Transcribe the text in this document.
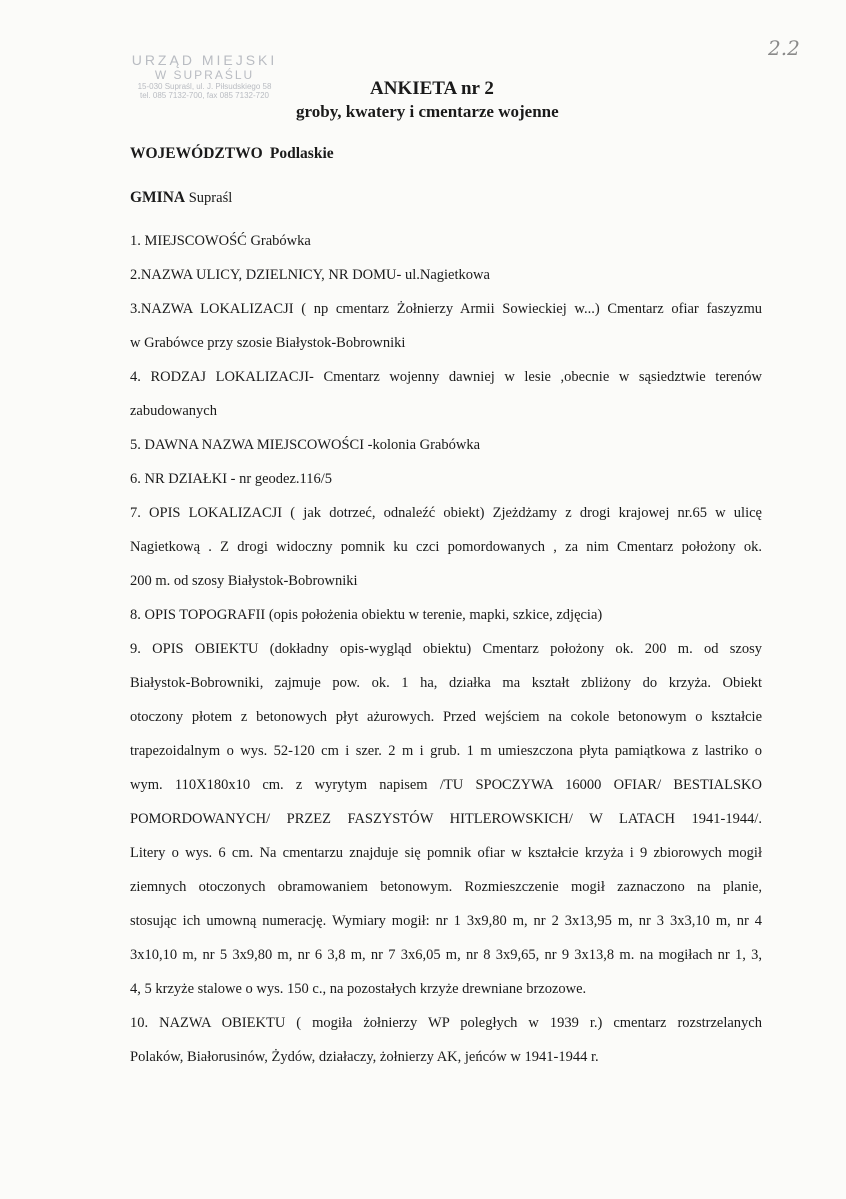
URZĄD MIEJSKI
W SUPRAŚLU
15-030 Supraśl, ul. J. Piłsudskiego 58
tel. 085 7132-700, fax 085 7132-720
2.2
ANKIETA nr 2
groby, kwatery i cmentarze wojenne
WOJEWÓDZTWO Podlaskie
GMINA Supraśl
1. MIEJSCOWOŚĆ Grabówka
2.NAZWA ULICY, DZIELNICY, NR DOMU- ul.Nagietkowa
3.NAZWA LOKALIZACJI ( np cmentarz Żołnierzy Armii Sowieckiej w...) Cmentarz ofiar faszyzmu
w Grabówce przy szosie Białystok-Bobrowniki
4. RODZAJ LOKALIZACJI- Cmentarz wojenny dawniej w lesie ,obecnie w sąsiedztwie terenów
zabudowanych
5. DAWNA NAZWA MIEJSCOWOŚCI -kolonia Grabówka
6. NR DZIAŁKI - nr geodez.116/5
7. OPIS LOKALIZACJI ( jak dotrzeć, odnaleźć obiekt) Zjeżdżamy z drogi krajowej nr.65 w ulicę
Nagietkową . Z drogi widoczny pomnik ku czci pomordowanych , za nim Cmentarz położony ok.
200 m. od szosy Białystok-Bobrowniki
8. OPIS TOPOGRAFII (opis położenia obiektu w terenie, mapki, szkice, zdjęcia)
9. OPIS OBIEKTU (dokładny opis-wygląd obiektu) Cmentarz położony ok. 200 m. od szosy
Białystok-Bobrowniki, zajmuje pow. ok. 1 ha, działka ma kształt zbliżony do krzyża. Obiekt
otoczony płotem z betonowych płyt ażurowych. Przed wejściem na cokole betonowym o kształcie
trapezoidalnym o wys. 52-120 cm i szer. 2 m i grub. 1 m umieszczona płyta pamiątkowa z lastriko o
wym. 110X180x10 cm. z wyrytym napisem /TU SPOCZYWA 16000 OFIAR/ BESTIALSKO
POMORDOWANYCH/ PRZEZ FASZYSTÓW HITLEROWSKICH/ W LATACH 1941-1944/.
Litery o wys. 6 cm. Na cmentarzu znajduje się pomnik ofiar w kształcie krzyża i 9 zbiorowych mogił
ziemnych otoczonych obramowaniem betonowym. Rozmieszczenie mogił zaznaczono na planie,
stosując ich umowną numerację. Wymiary mogił: nr 1 3x9,80 m, nr 2 3x13,95 m, nr 3 3x3,10 m, nr 4
3x10,10 m, nr 5 3x9,80 m, nr 6 3,8 m, nr 7 3x6,05 m, nr 8 3x9,65, nr 9 3x13,8 m. na mogiłach nr 1, 3,
4, 5 krzyże stalowe o wys. 150 c., na pozostałych krzyże drewniane brzozowe.
10. NAZWA OBIEKTU ( mogiła żołnierzy WP poległych w 1939 r.) cmentarz rozstrzelanych
Polaków, Białorusinów, Żydów, działaczy, żołnierzy AK, jeńców w 1941-1944 r.
